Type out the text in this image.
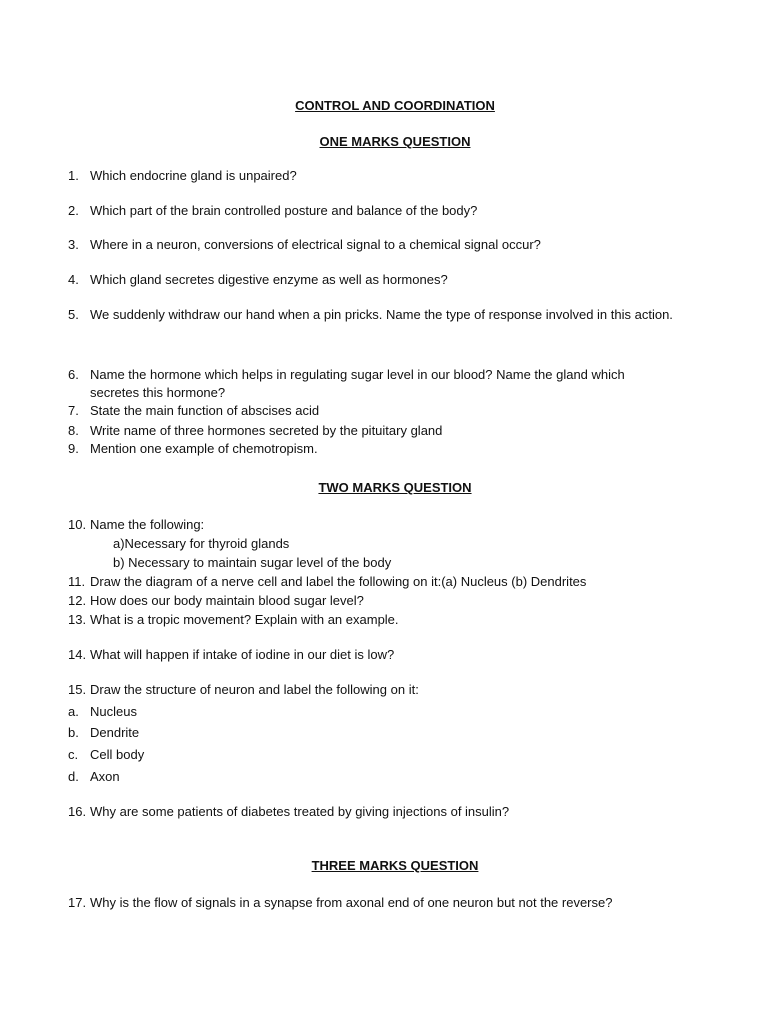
CONTROL AND COORDINATION
ONE MARKS QUESTION
1. Which endocrine gland is unpaired?
2. Which part of the brain controlled posture and balance of the body?
3. Where in a neuron, conversions of electrical signal to a chemical signal occur?
4. Which gland secretes digestive enzyme as well as hormones?
5. We suddenly withdraw our hand when a pin pricks. Name the type of response involved in this action.
6. Name the hormone which helps in regulating sugar level in our blood? Name the gland which secretes this hormone?
7. State the main function of abscises acid
8. Write name of three hormones secreted by the pituitary gland
9. Mention one example of chemotropism.
TWO MARKS QUESTION
10. Name the following:
a)Necessary for thyroid glands
b) Necessary to maintain sugar level of the body
11. Draw the diagram of a nerve cell and label the following on it:(a) Nucleus (b) Dendrites
12. How does our body maintain blood sugar level?
13. What is a tropic movement? Explain with an example.
14. What will happen if intake of iodine in our diet is low?
15. Draw the structure of neuron and label the following on it:
a. Nucleus
b. Dendrite
c. Cell body
d. Axon
16. Why are some patients of diabetes treated by giving injections of insulin?
THREE MARKS QUESTION
17. Why is the flow of signals in a synapse from axonal end of one neuron but not the reverse?
